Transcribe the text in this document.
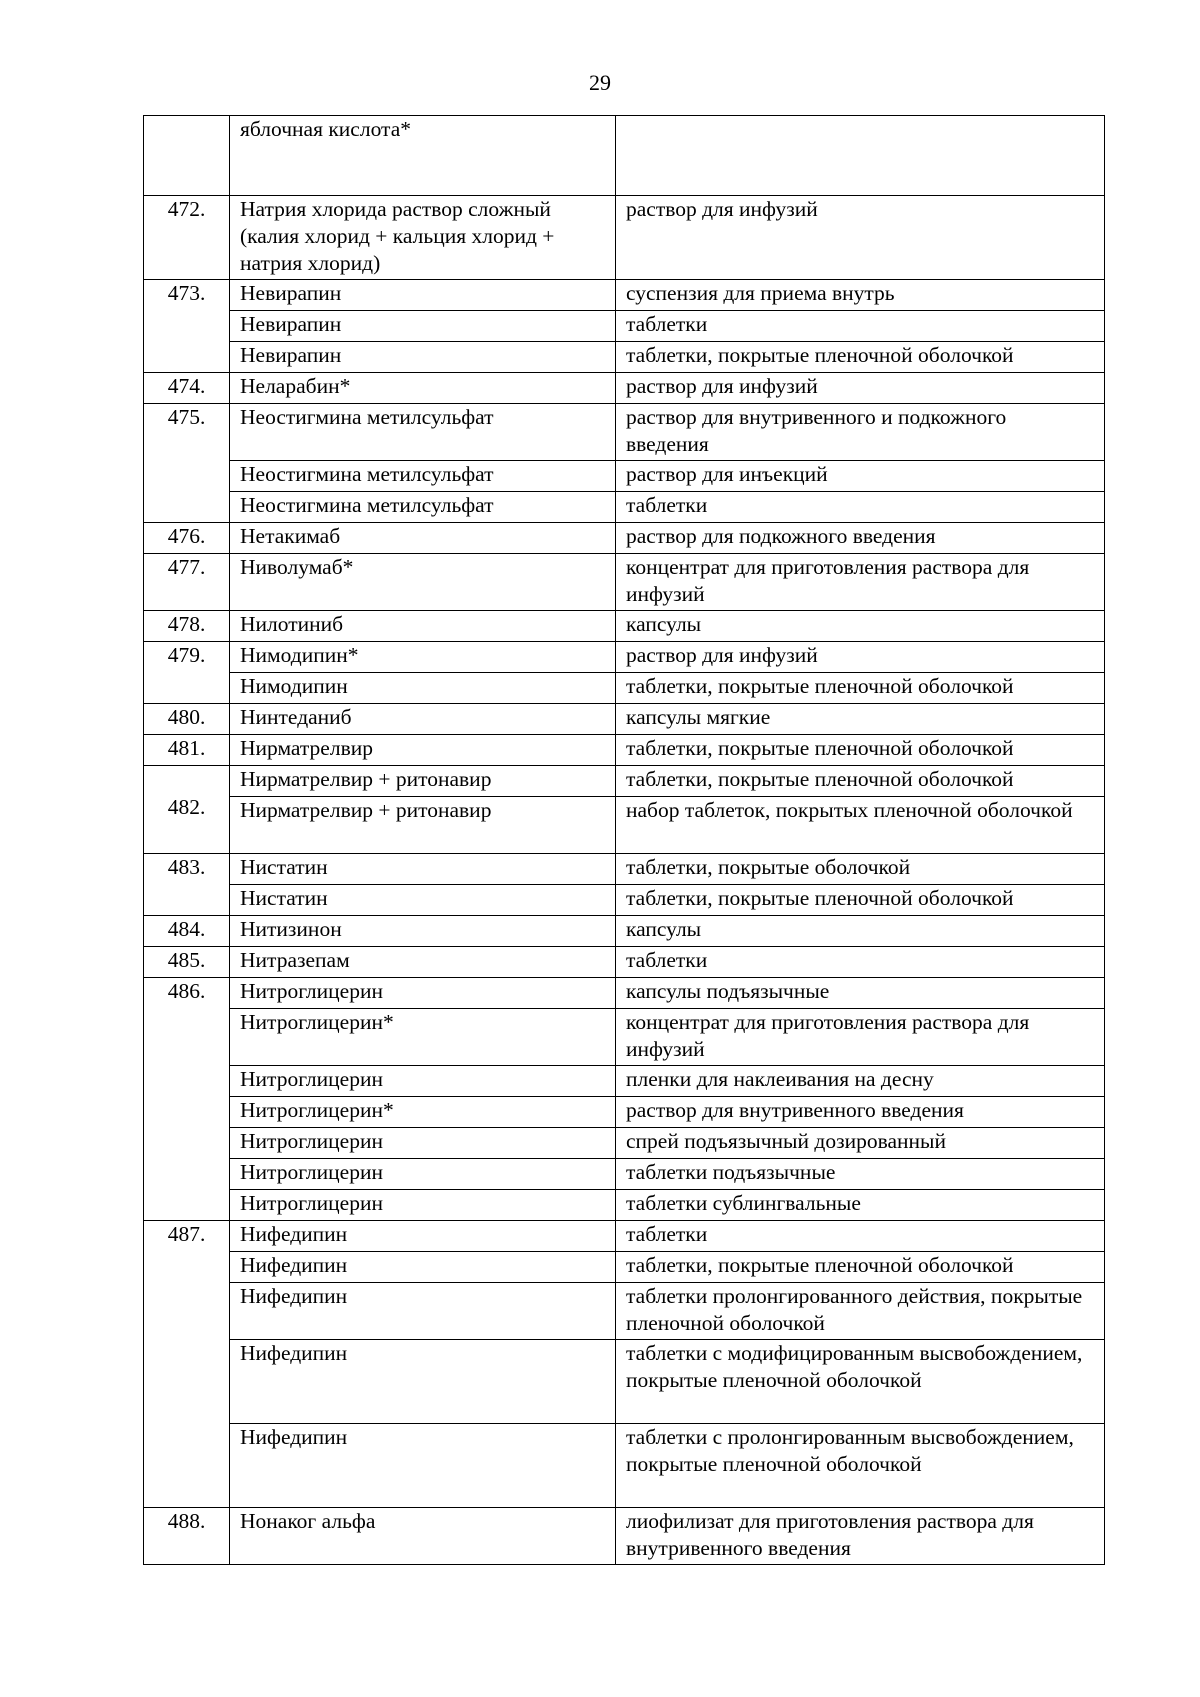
29
	яблочная кислота*	
472.	Натрия хлорида раствор сложный (калия хлорид + кальция хлорид + натрия хлорид)	раствор для инфузий
473.	Невирапин	суспензия для приема внутрь
	Невирапин	таблетки
	Невирапин	таблетки, покрытые пленочной оболочкой
474.	Неларабин*	раствор для инфузий
475.	Неостигмина метилсульфат	раствор для внутривенного и подкожного введения
	Неостигмина метилсульфат	раствор для инъекций
	Неостигмина метилсульфат	таблетки
476.	Нетакимаб	раствор для подкожного введения
477.	Ниволумаб*	концентрат для приготовления раствора для инфузий
478.	Нилотиниб	капсулы
479.	Нимодипин*	раствор для инфузий
	Нимодипин	таблетки, покрытые пленочной оболочкой
480.	Нинтеданиб	капсулы мягкие
481.	Нирматрелвир	таблетки, покрытые пленочной оболочкой
482.	Нирматрелвир + ритонавир	таблетки, покрытые пленочной оболочкой
	Нирматрелвир + ритонавир	набор таблеток, покрытых пленочной оболочкой
483.	Нистатин	таблетки, покрытые оболочкой
	Нистатин	таблетки, покрытые пленочной оболочкой
484.	Нитизинон	капсулы
485.	Нитразепам	таблетки
486.	Нитроглицерин	капсулы подъязычные
	Нитроглицерин*	концентрат для приготовления раствора для инфузий
	Нитроглицерин	пленки для наклеивания на десну
	Нитроглицерин*	раствор для внутривенного введения
	Нитроглицерин	спрей подъязычный дозированный
	Нитроглицерин	таблетки подъязычные
	Нитроглицерин	таблетки сублингвальные
487.	Нифедипин	таблетки
	Нифедипин	таблетки, покрытые пленочной оболочкой
	Нифедипин	таблетки пролонгированного действия, покрытые пленочной оболочкой
	Нифедипин	таблетки с модифицированным высвобождением, покрытые пленочной оболочкой
	Нифедипин	таблетки с пролонгированным высвобождением, покрытые пленочной оболочкой
488.	Нонаког альфа	лиофилизат для приготовления раствора для внутривенного введения
